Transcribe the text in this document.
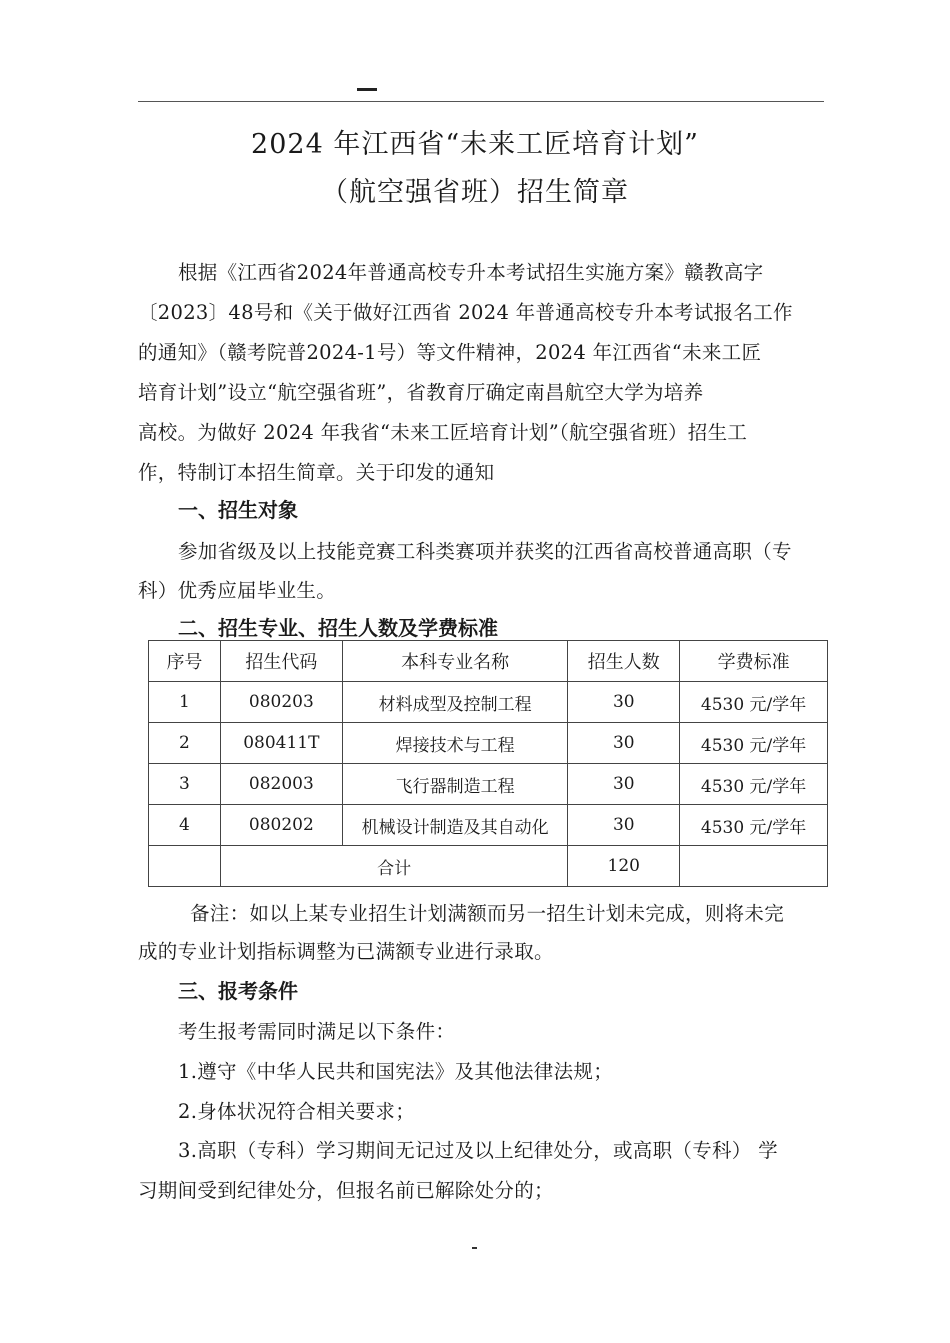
2024 年江西省“未来工匠培育计划”
（航空强省班）招生简章
根据《江西省2024年普通高校专升本考试招生实施方案》赣教高字
〔2023〕48号和《关于做好江西省 2024 年普通高校专升本考试报名工作
的通知》（赣考院普2024-1号）等文件精神，2024 年江西省“未来工匠
培育计划”设立“航空强省班”，省教育厅确定南昌航空大学为培养
高校。为做好 2024 年我省“未来工匠培育计划”（航空强省班）招生工
作，特制订本招生简章。关于印发的通知
一、招生对象
参加省级及以上技能竞赛工科类赛项并获奖的江西省高校普通高职（专
科）优秀应届毕业生。
二、招生专业、招生人数及学费标准
序号	招生代码	本科专业名称	招生人数	学费标准
1	080203	材料成型及控制工程	30	4530 元/学年
2	080411T	焊接技术与工程	30	4530 元/学年
3	082003	飞行器制造工程	30	4530 元/学年
4	080202	机械设计制造及其自动化	30	4530 元/学年
	合计		120	
备注：如以上某专业招生计划满额而另一招生计划未完成，则将未完
成的专业计划指标调整为已满额专业进行录取。
三、报考条件
考生报考需同时满足以下条件：
1.遵守《中华人民共和国宪法》及其他法律法规；
2.身体状况符合相关要求；
3.高职（专科）学习期间无记过及以上纪律处分，或高职（专科） 学
习期间受到纪律处分，但报名前已解除处分的；
